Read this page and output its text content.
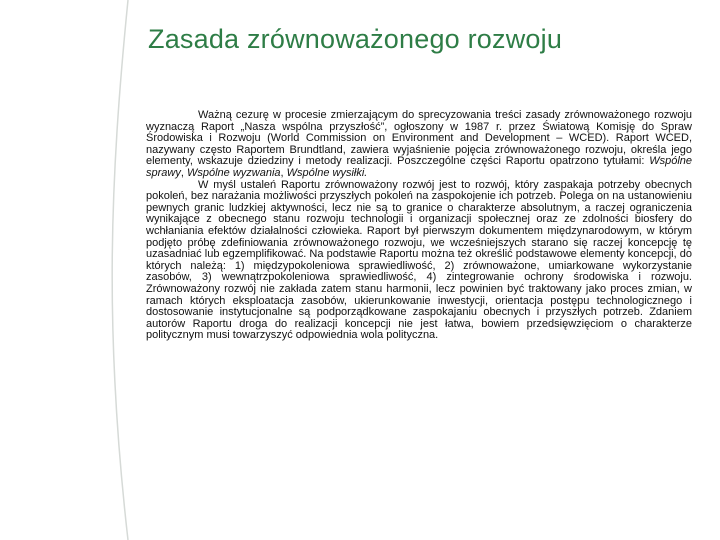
Zasada zrównoważonego rozwoju

Ważną cezurę w procesie zmierzającym do sprecyzowania treści zasady zrównoważonego rozwoju wyznaczą Raport „Nasza wspólna przyszłość”, ogłoszony w 1987 r. przez Światową Komisję do Spraw Środowiska i Rozwoju (World Commission on Environment and Development – WCED). Raport WCED, nazywany często Raportem Brundtland, zawiera wyjaśnienie pojęcia zrównoważonego rozwoju, określa jego elementy, wskazuje dziedziny i metody realizacji. Poszczególne części Raportu opatrzono tytułami: Wspólne sprawy, Wspólne wyzwania, Wspólne wysiłki.

W myśl ustaleń Raportu zrównoważony rozwój jest to rozwój, który zaspakaja potrzeby obecnych pokoleń, bez narażania możliwości przyszłych pokoleń na zaspokojenie ich potrzeb. Polega on na ustanowieniu pewnych granic ludzkiej aktywności, lecz nie są to granice o charakterze absolutnym, a raczej ograniczenia wynikające z obecnego stanu rozwoju technologii i organizacji społecznej oraz ze zdolności biosfery do wchłaniania efektów działalności człowieka. Raport był pierwszym dokumentem międzynarodowym, w którym podjęto próbę zdefiniowania zrównoważonego rozwoju, we wcześniejszych starano się raczej koncepcję tę uzasadniać lub egzemplifikować. Na podstawie Raportu można też określić podstawowe elementy koncepcji, do których należą: 1) międzypokoleniowa sprawiedliwość, 2) zrównoważone, umiarkowane wykorzystanie zasobów, 3) wewnątrzpokoleniowa sprawiedliwość, 4) zintegrowanie ochrony środowiska i rozwoju. Zrównoważony rozwój nie zakłada zatem stanu harmonii, lecz powinien być traktowany jako proces zmian, w ramach których eksploatacja zasobów, ukierunkowanie inwestycji, orientacja postępu technologicznego i dostosowanie instytucjonalne są podporządkowane zaspokajaniu obecnych i przyszłych potrzeb. Zdaniem autorów Raportu droga do realizacji koncepcji nie jest łatwa, bowiem przedsięwzięciom o charakterze politycznym musi towarzyszyć odpowiednia wola polityczna.
